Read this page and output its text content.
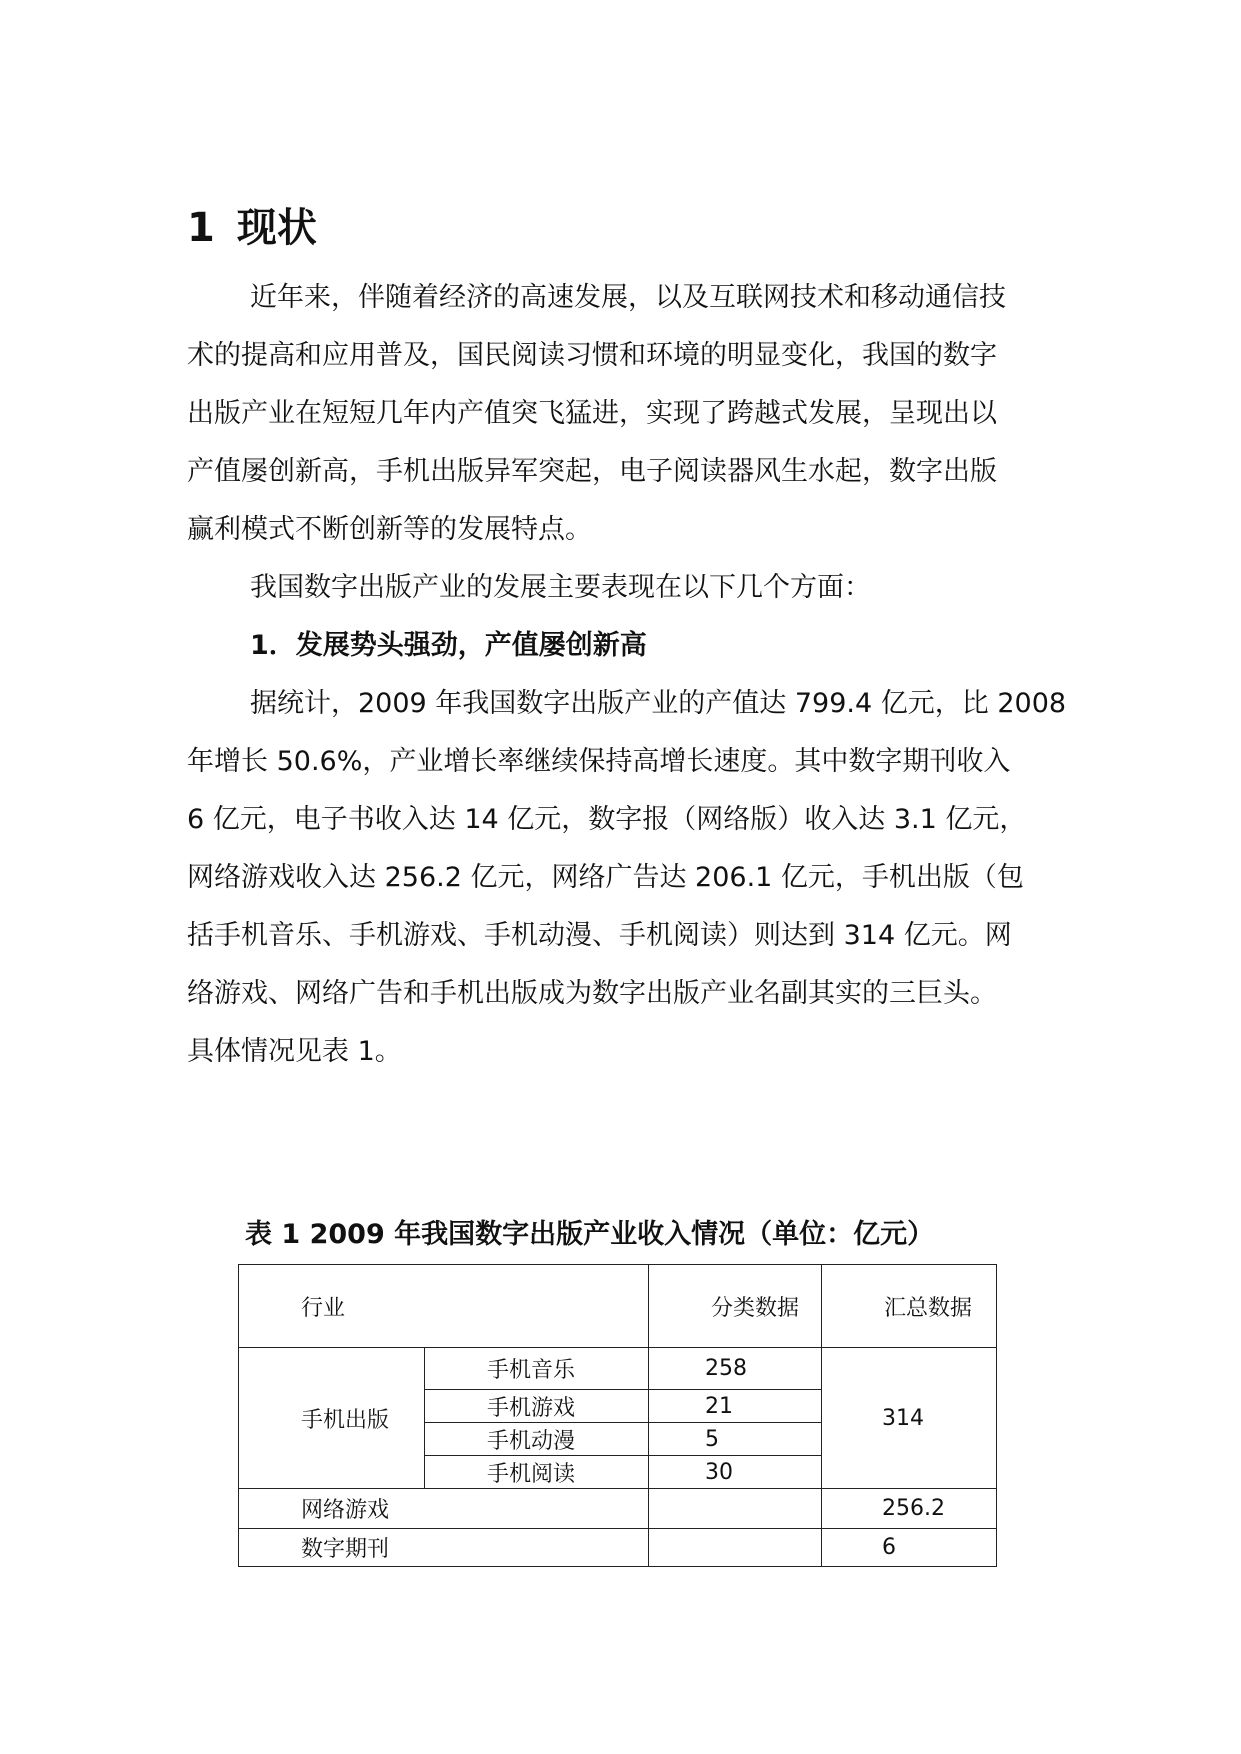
1 现状
近年来，伴随着经济的高速发展，以及互联网技术和移动通信技
术的提高和应用普及，国民阅读习惯和环境的明显变化，我国的数字
出版产业在短短几年内产值突飞猛进，实现了跨越式发展，呈现出以
产值屡创新高，手机出版异军突起，电子阅读器风生水起，数字出版
赢利模式不断创新等的发展特点。
我国数字出版产业的发展主要表现在以下几个方面：
1．发展势头强劲，产值屡创新高
据统计，2009 年我国数字出版产业的产值达 799.4 亿元，比 2008
年增长 50.6%，产业增长率继续保持高增长速度。其中数字期刊收入
6 亿元，电子书收入达 14 亿元，数字报（网络版）收入达 3.1 亿元，
网络游戏收入达 256.2 亿元，网络广告达 206.1 亿元，手机出版（包
括手机音乐、手机游戏、手机动漫、手机阅读）则达到 314 亿元。网
络游戏、网络广告和手机出版成为数字出版产业名副其实的三巨头。
具体情况见表 1。
表 1 2009 年我国数字出版产业收入情况（单位：亿元）
行业		分类数据	汇总数据
手机出版	手机音乐	258	314
	手机游戏	21	
	手机动漫	5	
	手机阅读	30	
网络游戏			256.2
数字期刊			6
